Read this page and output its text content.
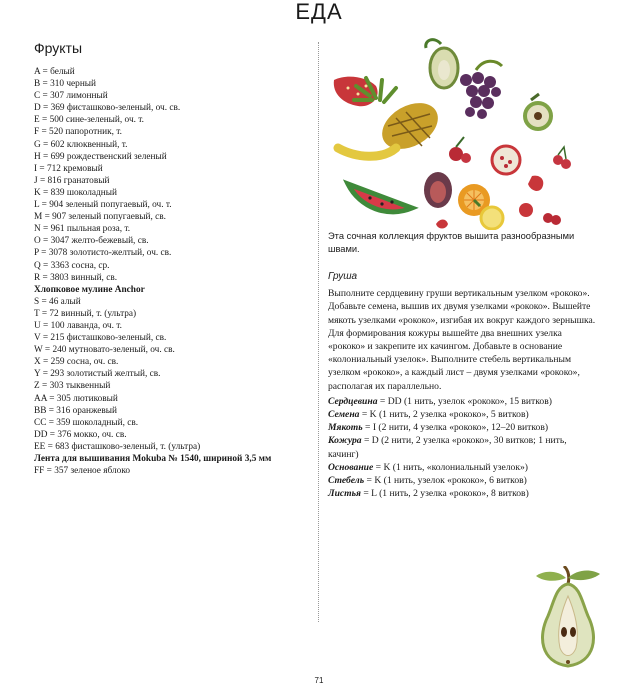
ЕДА
Фрукты
A = белый
B = 310 черный
C = 307 лимонный
D = 369 фисташково-зеленый, оч. св.
E = 500 сине-зеленый, оч. т.
F = 520 папоротник, т.
G = 602 клюквенный, т.
H = 699 рождественский зеленый
I = 712 кремовый
J = 816 гранатовый
K = 839 шоколадный
L = 904 зеленый попугаевый, оч. т.
M = 907 зеленый попугаевый, св.
N = 961 пыльная роза, т.
O = 3047 желто-бежевый, св.
P = 3078 золотисто-желтый, оч. св.
Q = 3363 сосна, ср.
R = 3803 винный, св.
Хлопковое мулине Anchor
S = 46 алый
T = 72 винный, т. (ультра)
U = 100 лаванда, оч. т.
V = 215 фисташково-зеленый, св.
W = 240 мутновато-зеленый, оч. св.
X = 259 сосна, оч. св.
Y = 293 золотистый желтый, св.
Z = 303 тыквенный
AA = 305 лютиковый
BB = 316 оранжевый
CC = 359 шоколадный, св.
DD = 376 мокко, оч. св.
EE = 683 фисташково-зеленый, т. (ультра)
Лента для вышивания Mokuba № 1540, шириной 3,5 мм
FF = 357 зеленое яблоко

Эта сочная коллекция фруктов вышита разнообразными швами.

Груша

Выполните сердцевину груши вертикальным узелком «рококо». Добавьте семена, вышив их двумя узелками «рококо». Вышейте мякоть узелками «рококо», изгибая их вокруг каждого зернышка. Для формирования кожуры вышейте два внешних узелка «рококо» и закрепите их качингом. Добавьте в основание «колониальный узелок». Выполните стебель вертикальным узелком «рококо», а каждый лист – двумя узелками «рококо», располагая их параллельно.

Сердцевина = DD (1 нить, узелок «рококо», 15 витков)

Семена = K (1 нить, 2 узелка «рококо», 5 витков)

Мякоть = I (2 нити, 4 узелка «рококо», 12–20 витков)

Кожура = D (2 нити, 2 узелка «рококо», 30 витков; 1 нить, качинг)

Основание = K (1 нить, «колониальный узелок»)

Стебель = K (1 нить, узелок «рококо», 6 витков)

Листья = L (1 нить, 2 узелка «рококо», 8 витков)

71
